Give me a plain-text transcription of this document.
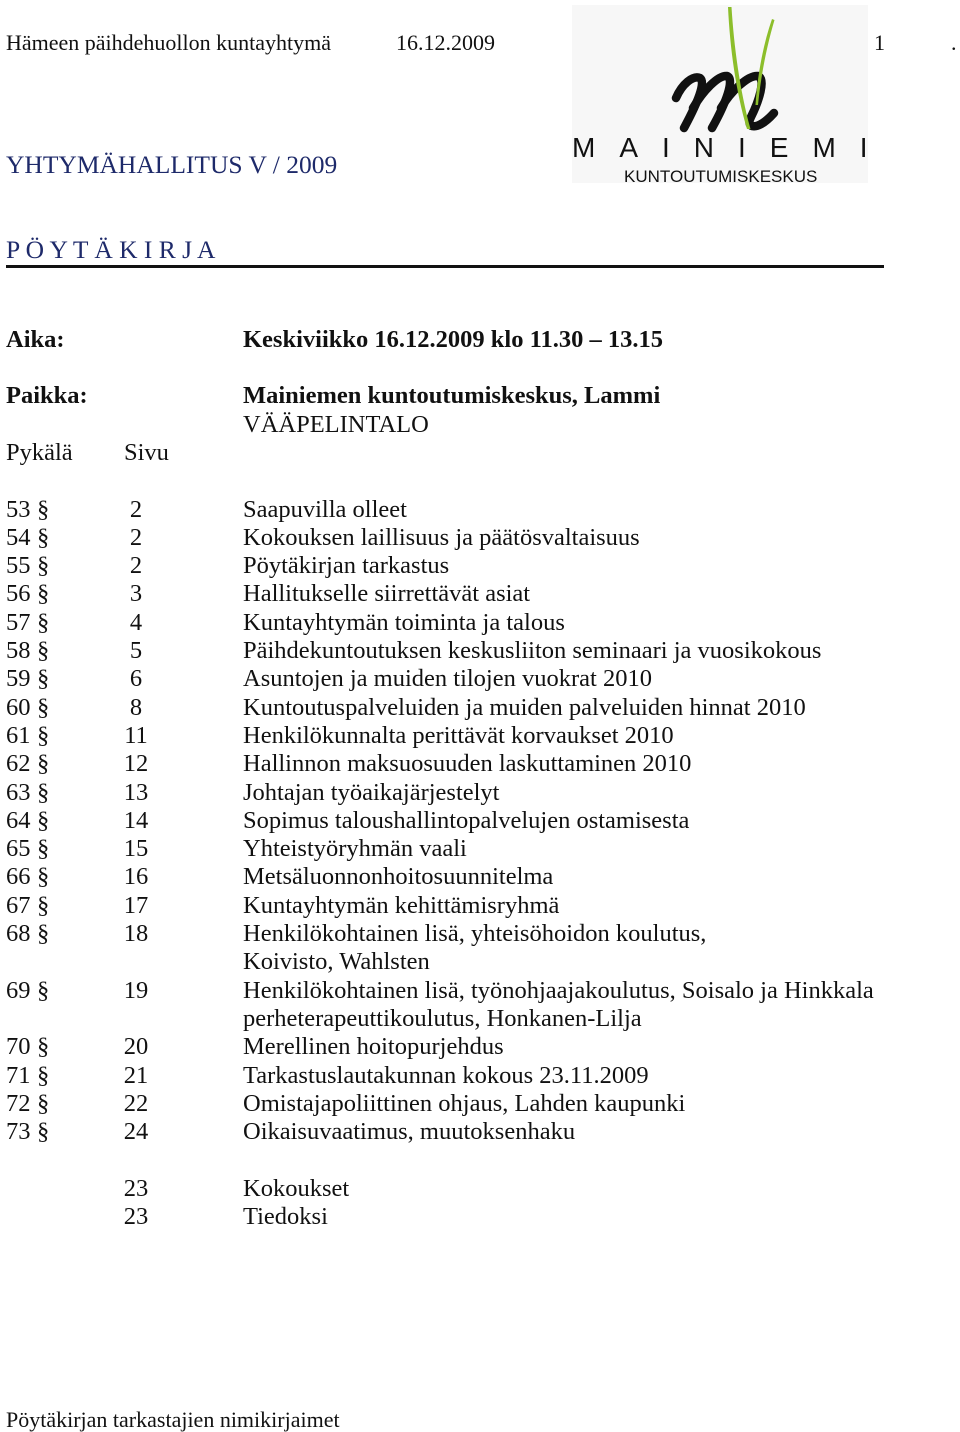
Hämeen päihdehuollon kuntayhtymä	16.12.2009	1	.
MAINIEMI
KUNTOUTUMISKESKUS
YHTYMÄHALLITUS V / 2009
P Ö Y T Ä K I R J A
Aika:	Keskiviikko 16.12.2009 klo 11.30 – 13.15
Paikka:	Mainiemen kuntoutumiskeskus, Lammi
VÄÄPELINTALO
Pykälä Sivu
53 §	2	Saapuvilla olleet
54 §	2	Kokouksen laillisuus ja päätösvaltaisuus
55 §	2	Pöytäkirjan tarkastus
56 §	3	Hallitukselle siirrettävät asiat
57 §	4	Kuntayhtymän toiminta ja talous
58 §	5	Päihdekuntoutuksen keskusliiton seminaari ja vuosikokous
59 §	6	Asuntojen ja muiden tilojen vuokrat 2010
60 §	8	Kuntoutuspalveluiden ja muiden palveluiden hinnat 2010
61 §	11	Henkilökunnalta perittävät korvaukset 2010
62 §	12	Hallinnon maksuosuuden laskuttaminen 2010
63 §	13	Johtajan työaikajärjestelyt
64 §	14	Sopimus taloushallintopalvelujen ostamisesta
65 §	15	Yhteistyöryhmän vaali
66 §	16	Metsäluonnonhoitosuunnitelma
67 §	17	Kuntayhtymän kehittämisryhmä
68 §	18	Henkilökohtainen lisä, yhteisöhoidon koulutus,
Koivisto, Wahlsten
69 §	19	Henkilökohtainen lisä, työnohjaajakoulutus, Soisalo ja Hinkkala
perheterapeuttikoulutus, Honkanen-Lilja
70 §	20	Merellinen hoitopurjehdus
71 §	21	Tarkastuslautakunnan kokous 23.11.2009
72 §	22	Omistajapoliittinen ohjaus, Lahden kaupunki
73 §	24	Oikaisuvaatimus, muutoksenhaku
23	Kokoukset
23	Tiedoksi
Pöytäkirjan tarkastajien nimikirjaimet
